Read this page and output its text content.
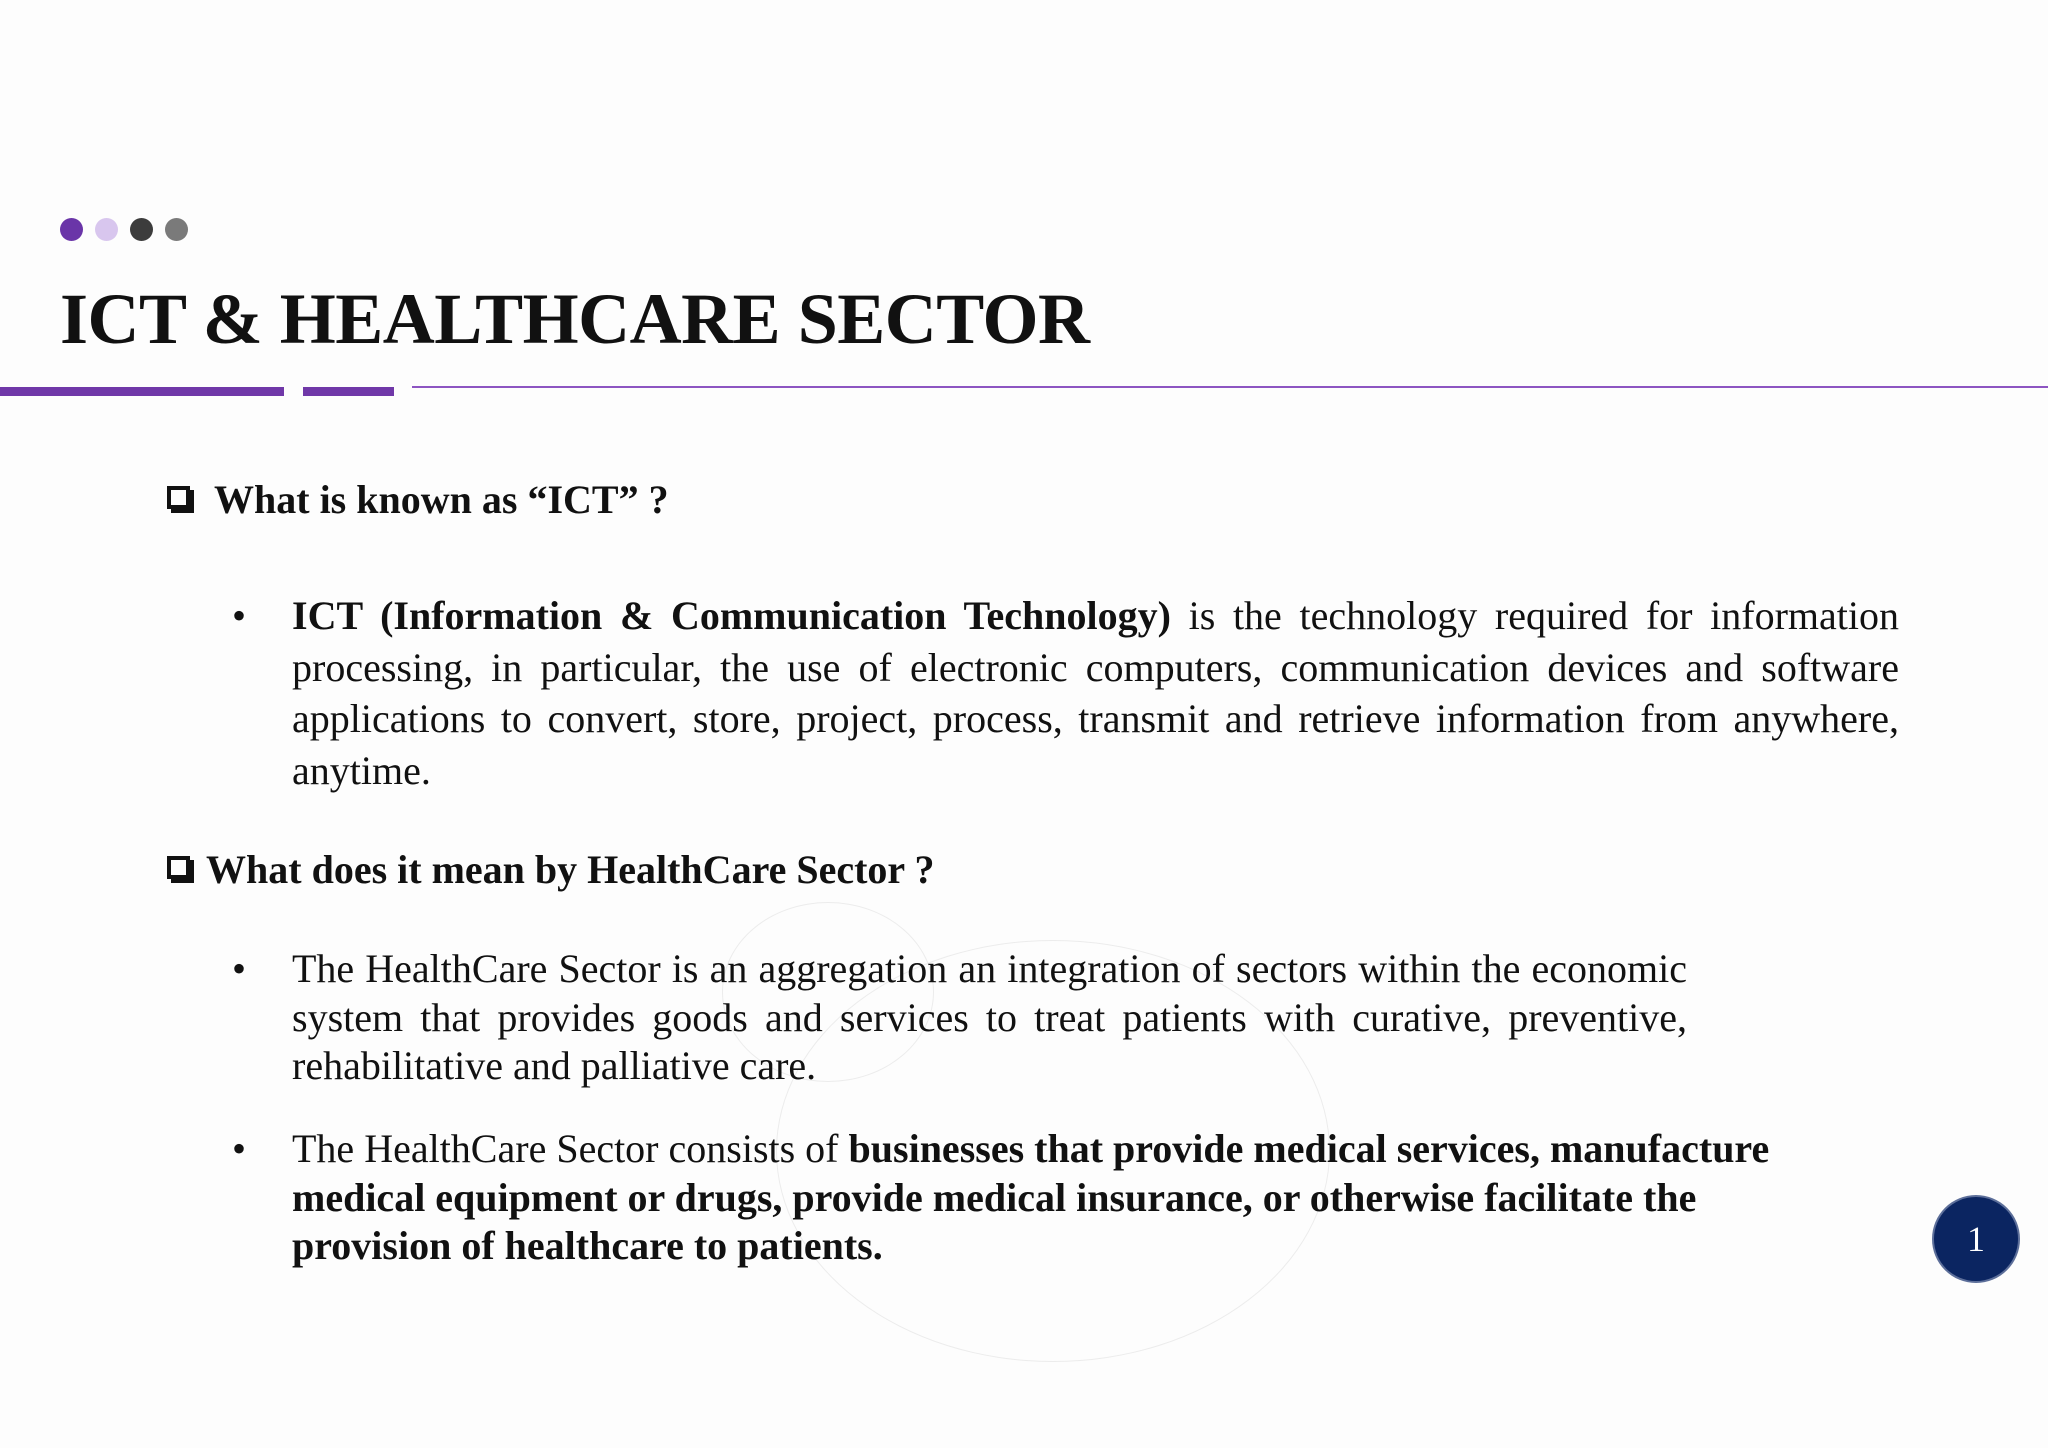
ICT & HEALTHCARE SECTOR
What is known as “ICT” ?
• ICT (Information & Communication Technology) is the technology required for information processing, in particular, the use of electronic computers, communication devices and software applications to convert, store, project, process, transmit and retrieve information from anywhere, anytime.

What does it mean by HealthCare Sector ?
• The HealthCare Sector is an aggregation an integration of sectors within the economic system that provides goods and services to treat patients with curative, preventive, rehabilitative and palliative care.

• The HealthCare Sector consists of businesses that provide medical services, manufacture medical equipment or drugs, provide medical insurance, or otherwise facilitate the provision of healthcare to patients.	1
